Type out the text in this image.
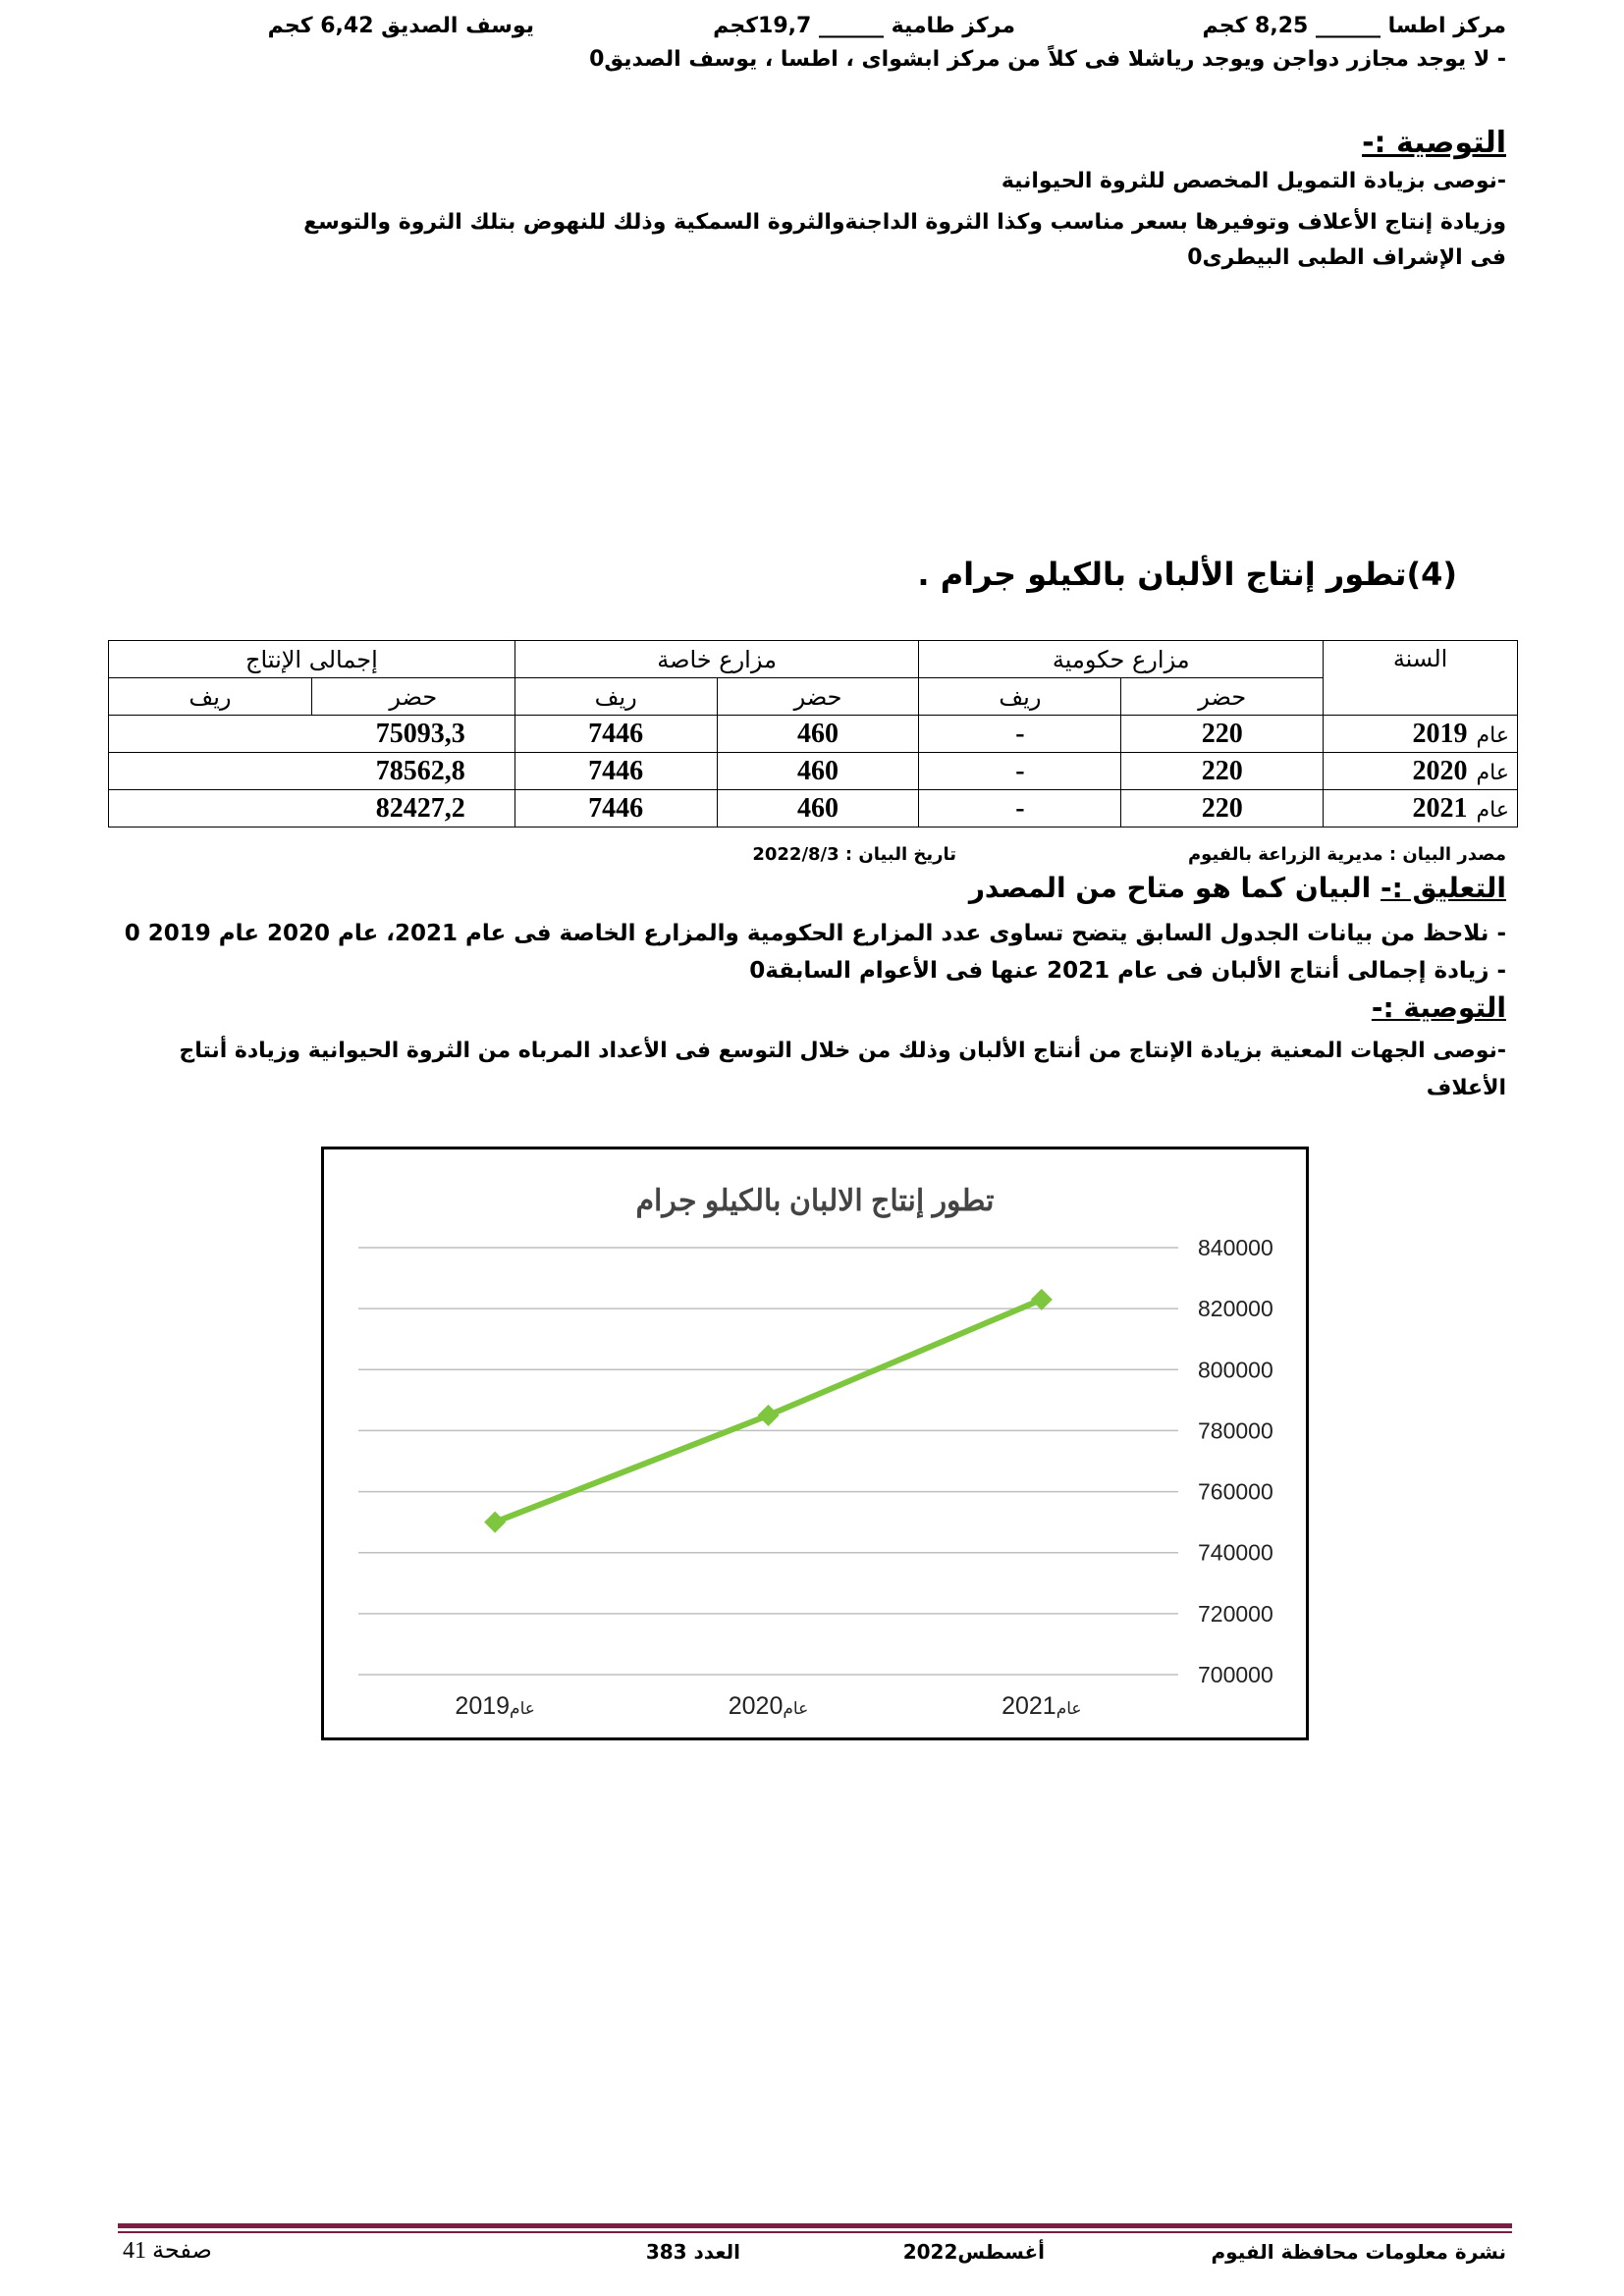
مركز اطسا ______ 8,25 كجم
مركز طامية ______ 19,7كجم
يوسف الصديق 6,42 كجم
- لا يوجد مجازر دواجن ويوجد رياشلا فى كلاً من مركز ابشواى ، اطسا ، يوسف الصديق0
التوصية :-
-نوصى بزيادة التمويل المخصص للثروة الحيوانية
وزيادة إنتاج الأعلاف وتوفيرها بسعر مناسب وكذا الثروة الداجنةوالثروة السمكية وذلك للنهوض بتلك الثروة والتوسع
فى الإشراف الطبى البيطرى0
(4)تطور إنتاج الألبان بالكيلو جرام .
السنة	مزارع حكومية		مزارع خاصة		إجمالى الإنتاج	
	حضر	ريف	حضر	ريف	حضر	ريف
عام 2019	220	-	460	7446	75093,3	
عام 2020	220	-	460	7446	78562,8	
عام 2021	220	-	460	7446	82427,2	
مصدر البيان : مديرية الزراعة بالفيوم
تاريخ البيان : 2022/8/3
التعليق :- البيان كما هو متاح من المصدر
- نلاحظ من بيانات الجدول السابق يتضح تساوى عدد المزارع الحكومية والمزارع الخاصة فى عام 2021، عام 2020 عام 2019 0
- زيادة إجمالى أنتاج الألبان فى عام 2021 عنها فى الأعوام السابقة0
التوصية :-
-نوصى الجهات المعنية بزيادة الإنتاج من أنتاج الألبان وذلك من خلال التوسع فى الأعداد المرباه من الثروة الحيوانية وزيادة أنتاج
الأعلاف
تطور إنتاج الالبان بالكيلو جرام
700000
720000
740000
760000
780000
800000
820000
840000
2019عام	2020عام	2021عام
نشرة معلومات محافظة الفيوم
أغسطس2022
العدد 383
صفحة 41
